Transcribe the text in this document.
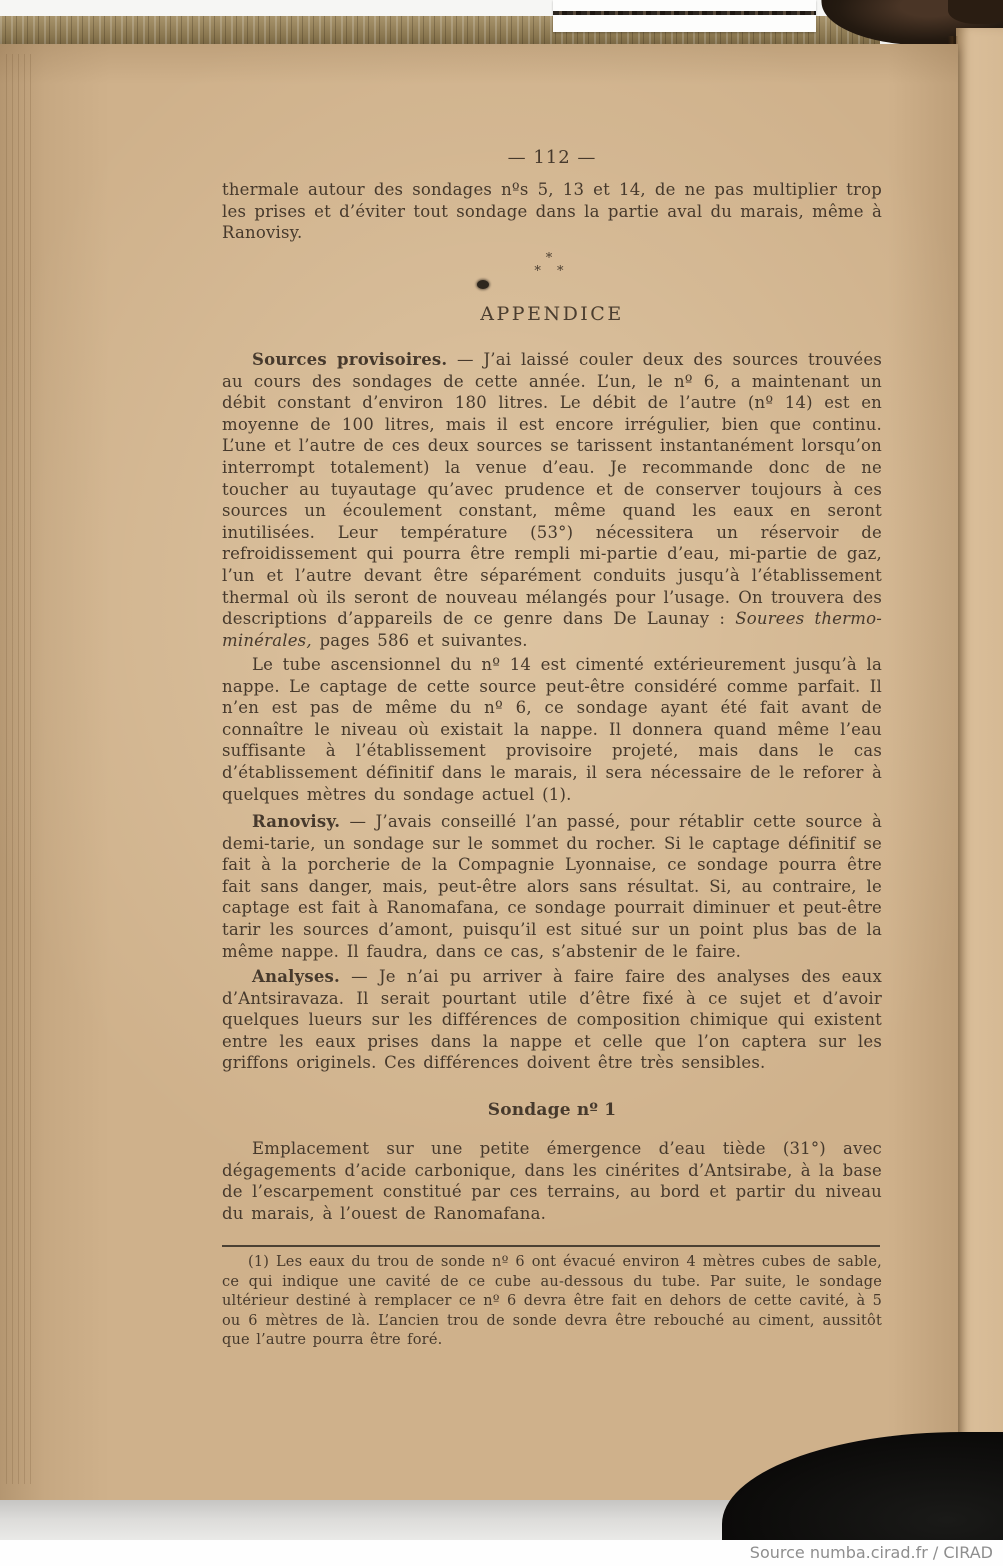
— 112 —
thermale autour des sondages nºs 5, 13 et 14, de ne pas multiplier trop les prises et d’éviter tout sondage dans la partie aval du marais, même à Ranovisy.
*
* *
APPENDICE
Sources provisoires. — J’ai laissé couler deux des sources trouvées au cours des sondages de cette année. L’un, le nº 6, a maintenant un débit constant d’environ 180 litres. Le débit de l’autre (nº 14) est en moyenne de 100 litres, mais il est encore irrégulier, bien que continu. L’une et l’autre de ces deux sources se tarissent instantanément lorsqu’on interrompt totalement) la venue d’eau. Je recommande donc de ne toucher au tuyautage qu’avec prudence et de conserver toujours à ces sources un écoulement constant, même quand les eaux en seront inutilisées. Leur température (53°) nécessitera un réservoir de refroidissement qui pourra être rempli mi-partie d’eau, mi-partie de gaz, l’un et l’autre devant être séparément conduits jusqu’à l’établissement thermal où ils seront de nouveau mélangés pour l’usage. On trouvera des descriptions d’appareils de ce genre dans De Launay : Sourees thermo-minérales, pages 586 et suivantes.
Le tube ascensionnel du nº 14 est cimenté extérieurement jusqu’à la nappe. Le captage de cette source peut-être considéré comme parfait. Il n’en est pas de même du nº 6, ce sondage ayant été fait avant de connaître le niveau où existait la nappe. Il donnera quand même l’eau suffisante à l’établissement provisoire projeté, mais dans le cas d’établissement définitif dans le marais, il sera nécessaire de le reforer à quelques mètres du sondage actuel (1).
Ranovisy. — J’avais conseillé l’an passé, pour rétablir cette source à demi-tarie, un sondage sur le sommet du rocher. Si le captage définitif se fait à la porcherie de la Compagnie Lyonnaise, ce sondage pourra être fait sans danger, mais, peut-être alors sans résultat. Si, au contraire, le captage est fait à Ranomafana, ce sondage pourrait diminuer et peut-être tarir les sources d’amont, puisqu’il est situé sur un point plus bas de la même nappe. Il faudra, dans ce cas, s’abstenir de le faire.
Analyses. — Je n’ai pu arriver à faire faire des analyses des eaux d’Antsiravaza. Il serait pourtant utile d’être fixé à ce sujet et d’avoir quelques lueurs sur les différences de composition chimique qui existent entre les eaux prises dans la nappe et celle que l’on captera sur les griffons originels. Ces différences doivent être très sensibles.
Sondage nº 1
Emplacement sur une petite émergence d’eau tiède (31°) avec dégagements d’acide carbonique, dans les cinérites d’Antsirabe, à la base de l’escarpement constitué par ces terrains, au bord et partir du niveau du marais, à l’ouest de Ranomafana.
(1) Les eaux du trou de sonde nº 6 ont évacué environ 4 mètres cubes de sable, ce qui indique une cavité de ce cube au-dessous du tube. Par suite, le sondage ultérieur destiné à remplacer ce nº 6 devra être fait en dehors de cette cavité, à 5 ou 6 mètres de là. L’ancien trou de sonde devra être rebouché au ciment, aussitôt que l’autre pourra être foré.
Source numba.cirad.fr / CIRAD
